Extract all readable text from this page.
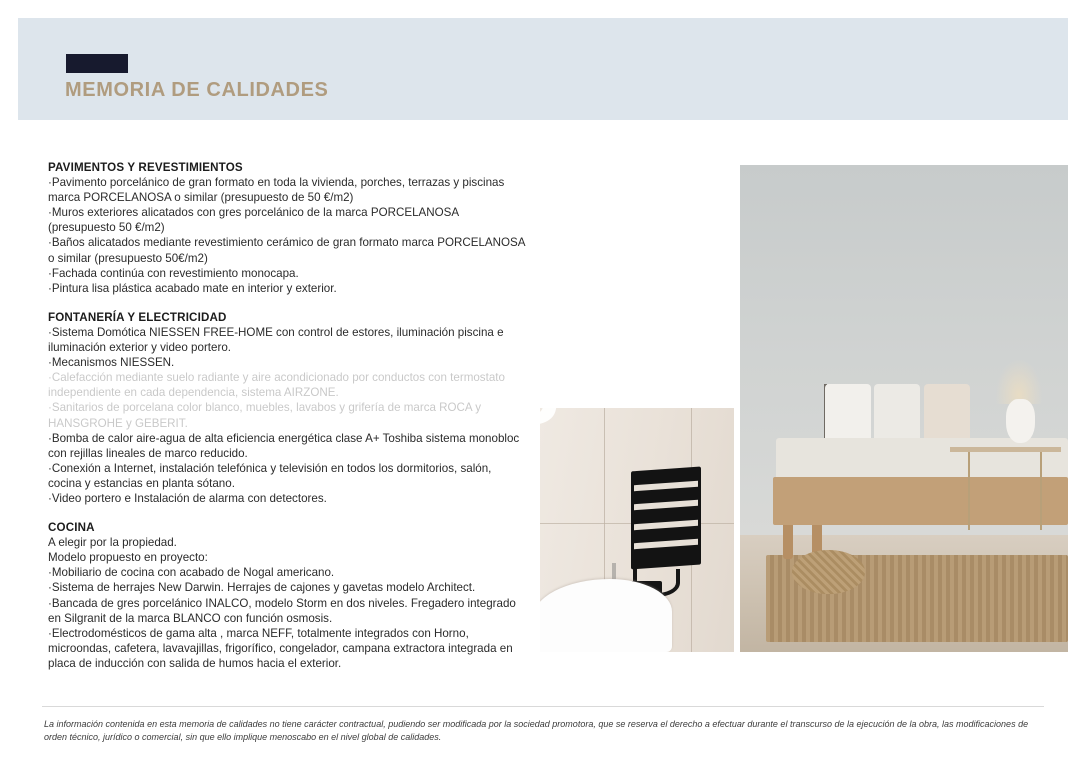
MEMORIA DE CALIDADES
ES
PAVIMENTOS Y REVESTIMIENTOS
·Pavimento porcelánico de gran formato en toda la vivienda, porches, terrazas y piscinas marca PORCELANOSA o similar (presupuesto de 50 €/m2)
·Muros exteriores alicatados con gres porcelánico de la marca PORCELANOSA (presupuesto 50 €/m2)
·Baños alicatados mediante revestimiento cerámico de gran formato marca PORCELANOSA o similar (presupuesto 50€/m2)
·Fachada continúa con revestimiento monocapa.
·Pintura lisa plástica acabado mate en interior y exterior.
FONTANERÍA Y ELECTRICIDAD
·Sistema Domótica NIESSEN FREE-HOME con control de estores, iluminación piscina e iluminación exterior y video portero.
·Mecanismos NIESSEN.
·Calefacción mediante suelo radiante y aire acondicionado por conductos con termostato independiente en cada dependencia, sistema AIRZONE.
·Sanitarios de porcelana color blanco, muebles, lavabos y grifería de marca ROCA y HANSGROHE y GEBERIT.
·Bomba de calor aire-agua de alta eficiencia energética clase A+ Toshiba sistema monobloc con rejillas lineales de marco reducido.
·Conexión a Internet, instalación telefónica y televisión en todos los dormitorios, salón, cocina y estancias en planta sótano.
·Video portero e Instalación de alarma con detectores.
COCINA
A elegir por la propiedad.
Modelo propuesto en proyecto:
·Mobiliario de cocina con acabado de Nogal americano.
·Sistema de herrajes New Darwin. Herrajes de cajones y gavetas modelo Architect.
·Bancada de gres porcelánico INALCO, modelo Storm en dos niveles. Fregadero integrado en Silgranit de la marca BLANCO con función osmosis.
·Electrodomésticos de gama alta , marca NEFF, totalmente integrados con Horno, microondas, cafetera, lavavajillas, frigorífico, congelador, campana extractora integrada en placa de inducción con salida de humos hacia el exterior.
La información contenida en esta memoria de calidades no tiene carácter contractual, pudiendo ser modificada por la sociedad promotora, que se reserva el derecho a efectuar durante el transcurso de la ejecución de la obra, las modificaciones de orden técnico, jurídico o comercial, sin que ello implique menoscabo en el nivel global de calidades.
